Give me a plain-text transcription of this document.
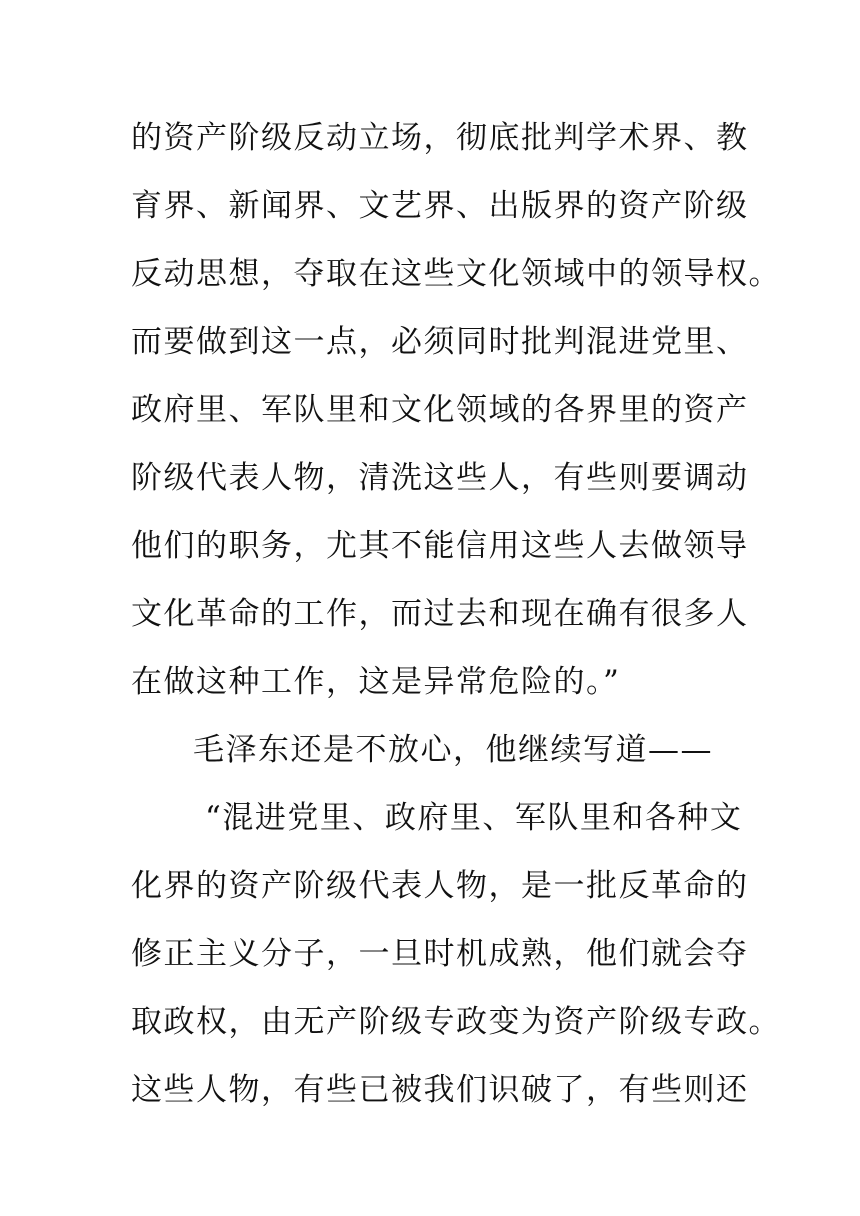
的资产阶级反动立场，彻底批判学术界、教
育界、新闻界、文艺界、出版界的资产阶级
反动思想，夺取在这些文化领域中的领导权。
而要做到这一点，必须同时批判混进党里、
政府里、军队里和文化领域的各界里的资产
阶级代表人物，清洗这些人，有些则要调动
他们的职务，尤其不能信用这些人去做领导
文化革命的工作，而过去和现在确有很多人
在做这种工作，这是异常危险的。”
毛泽东还是不放心，他继续写道——
“混进党里、政府里、军队里和各种文
化界的资产阶级代表人物，是一批反革命的
修正主义分子，一旦时机成熟，他们就会夺
取政权，由无产阶级专政变为资产阶级专政。
这些人物，有些已被我们识破了，有些则还
